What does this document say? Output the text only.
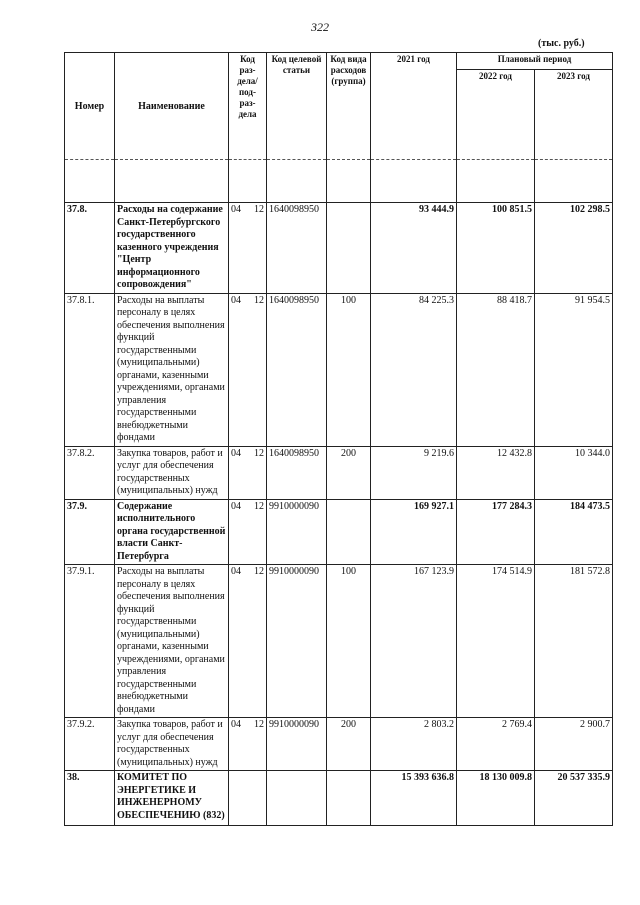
322
(тыс. руб.)
Номер	Наименование	Код раз-дела/ под-раз-дела	Код целевой статьи	Код вида расходов (группа)	2021 год	Плановый период	
						2022 год	2023 год

37.8.	Расходы на содержание Санкт-Петербургского государственного казенного учреждения "Центр информационного сопровождения"	04 12	1640098950		93 444.9	100 851.5	102 298.5
37.8.1.	Расходы на выплаты персоналу в целях обеспечения выполнения функций государственными (муниципальными) органами, казенными учреждениями, органами управления государственными внебюджетными фондами	04 12	1640098950	100	84 225.3	88 418.7	91 954.5
37.8.2.	Закупка товаров, работ и услуг для обеспечения государственных (муниципальных) нужд	04 12	1640098950	200	9 219.6	12 432.8	10 344.0
37.9.	Содержание исполнительного органа государственной власти Санкт-Петербурга	04 12	9910000090		169 927.1	177 284.3	184 473.5
37.9.1.	Расходы на выплаты персоналу в целях обеспечения выполнения функций государственными (муниципальными) органами, казенными учреждениями, органами управления государственными внебюджетными фондами	04 12	9910000090	100	167 123.9	174 514.9	181 572.8
37.9.2.	Закупка товаров, работ и услуг для обеспечения государственных (муниципальных) нужд	04 12	9910000090	200	2 803.2	2 769.4	2 900.7
38.	КОМИТЕТ ПО ЭНЕРГЕТИКЕ И ИНЖЕНЕРНОМУ ОБЕСПЕЧЕНИЮ (832)				15 393 636.8	18 130 009.8	20 537 335.9
